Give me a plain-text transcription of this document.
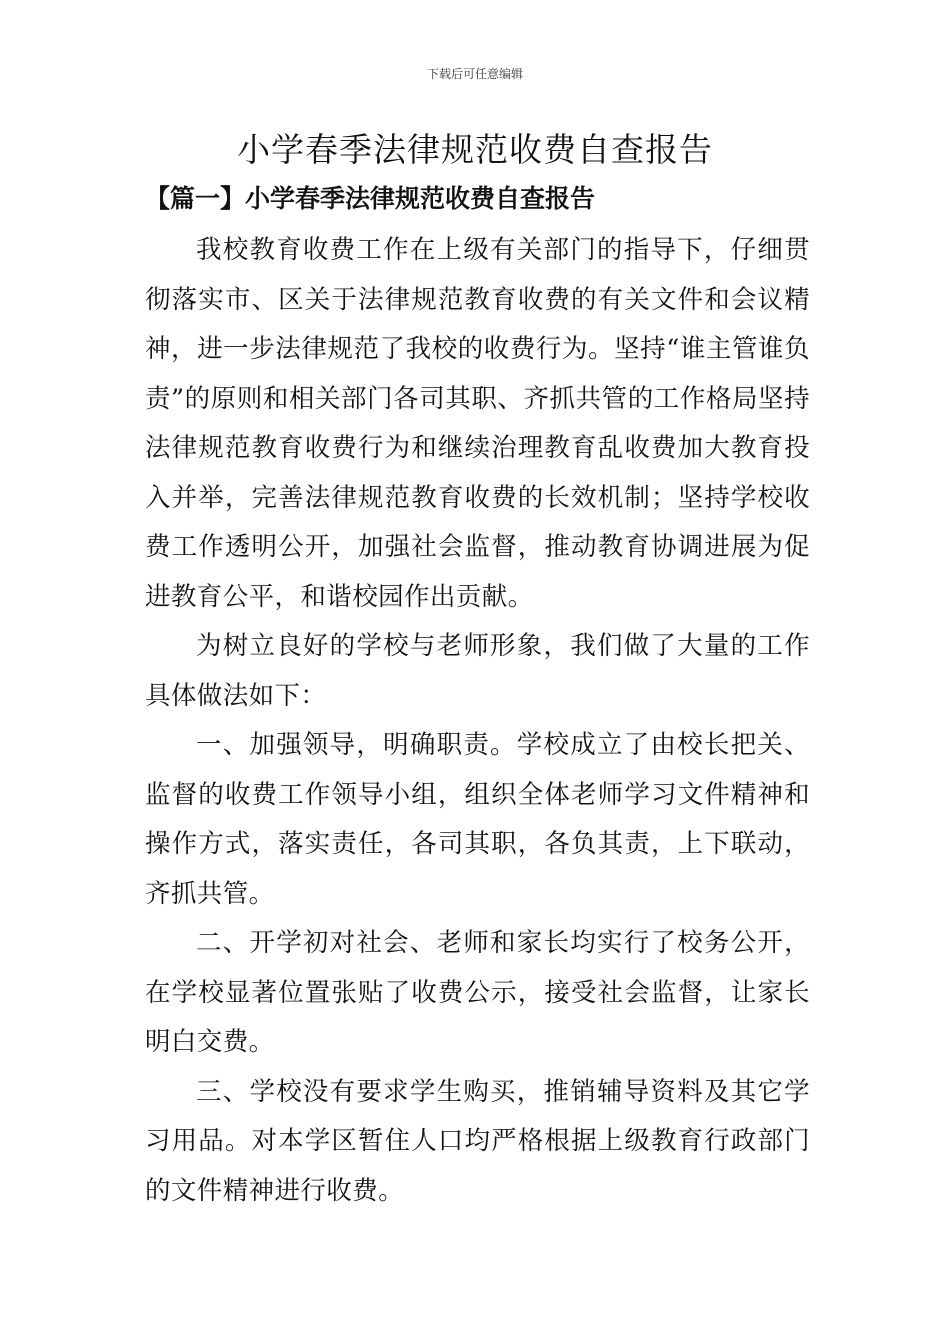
下载后可任意编辑
小学春季法律规范收费自查报告
【篇一】小学春季法律规范收费自查报告

我校教育收费工作在上级有关部门的指导下，仔细贯彻落实市、区关于法律规范教育收费的有关文件和会议精神，进一步法律规范了我校的收费行为。坚持“谁主管谁负责”的原则和相关部门各司其职、齐抓共管的工作格局坚持法律规范教育收费行为和继续治理教育乱收费加大教育投入并举，完善法律规范教育收费的长效机制；坚持学校收费工作透明公开，加强社会监督，推动教育协调进展为促进教育公平，和谐校园作出贡献。

为树立良好的学校与老师形象，我们做了大量的工作具体做法如下：

一、加强领导，明确职责。学校成立了由校长把关、监督的收费工作领导小组，组织全体老师学习文件精神和操作方式，落实责任，各司其职，各负其责，上下联动，齐抓共管。

二、开学初对社会、老师和家长均实行了校务公开，在学校显著位置张贴了收费公示，接受社会监督，让家长明白交费。

三、学校没有要求学生购买，推销辅导资料及其它学习用品。对本学区暂住人口均严格根据上级教育行政部门的文件精神进行收费。
